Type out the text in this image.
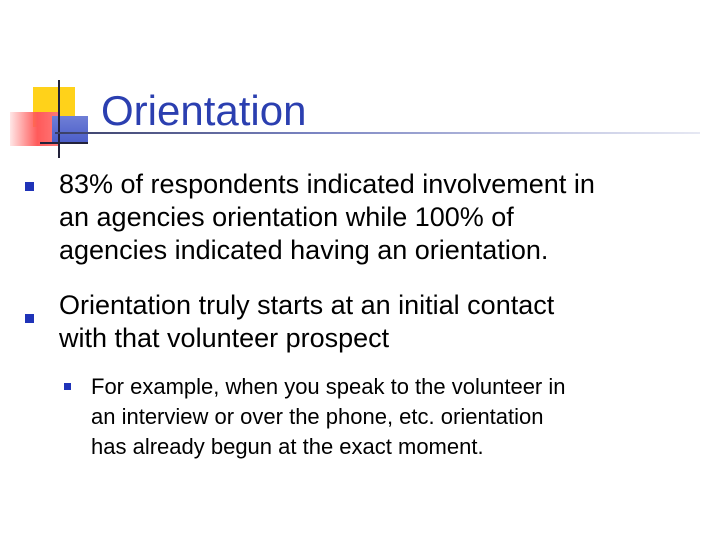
Orientation
83% of respondents indicated involvement in
an agencies orientation while 100% of
agencies indicated having an orientation.
Orientation truly starts at an initial contact
with that volunteer prospect
For example, when you speak to the volunteer in
an interview or over the phone, etc. orientation
has already begun at the exact moment.
